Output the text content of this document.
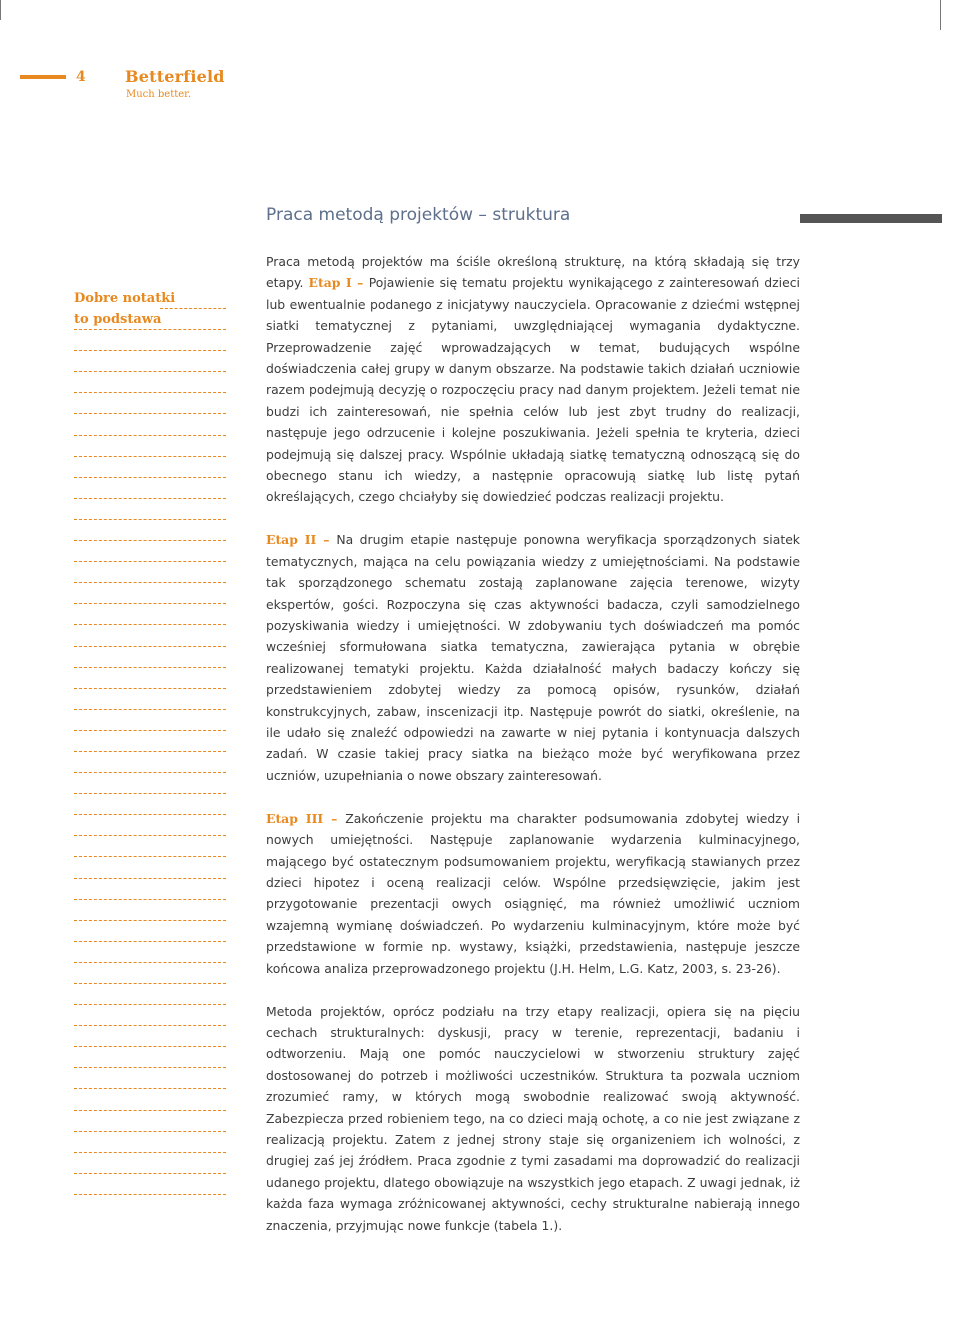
4 Betterfield
Much better.
Praca metodą projektów – struktura
Dobre notatki
to podstawa

Praca metodą projektów ma ściśle określoną strukturę, na którą składają się trzy etapy. Etap I – Pojawienie się tematu projektu wynikającego z zainteresowań dzieci lub ewentualnie podanego z inicjatywy nauczyciela. Opracowanie z dziećmi wstępnej siatki tematycznej z pytaniami, uwzględniającej wymagania dydaktyczne. Przeprowadzenie zajęć wprowadzających w temat, budujących wspólne doświadczenia całej grupy w danym obszarze. Na podstawie takich działań uczniowie razem podejmują decyzję o rozpoczęciu pracy nad danym projektem. Jeżeli temat nie budzi ich zainteresowań, nie spełnia celów lub jest zbyt trudny do realizacji, następuje jego odrzucenie i kolejne poszukiwania. Jeżeli spełnia te kryteria, dzieci podejmują się dalszej pracy. Wspólnie układają siatkę tematyczną odnoszącą się do obecnego stanu ich wiedzy, a następnie opracowują siatkę lub listę pytań określających, czego chciałyby się dowiedzieć podczas realizacji projektu.

Etap II – Na drugim etapie następuje ponowna weryfikacja sporządzonych siatek tematycznych, mająca na celu powiązania wiedzy z umiejętnościami. Na podstawie tak sporządzonego schematu zostają zaplanowane zajęcia terenowe, wizyty ekspertów, gości. Rozpoczyna się czas aktywności badacza, czyli samodzielnego pozyskiwania wiedzy i umiejętności. W zdobywaniu tych doświadczeń ma pomóc wcześniej sformułowana siatka tematyczna, zawierająca pytania w obrębie realizowanej tematyki projektu. Każda działalność małych badaczy kończy się przedstawieniem zdobytej wiedzy za pomocą opisów, rysunków, działań konstrukcyjnych, zabaw, inscenizacji itp. Następuje powrót do siatki, określenie, na ile udało się znaleźć odpowiedzi na zawarte w niej pytania i kontynuacja dalszych zadań. W czasie takiej pracy siatka na bieżąco może być weryfikowana przez uczniów, uzupełniania o nowe obszary zainteresowań.

Etap III – Zakończenie projektu ma charakter podsumowania zdobytej wiedzy i nowych umiejętności. Następuje zaplanowanie wydarzenia kulminacyjnego, mającego być ostatecznym podsumowaniem projektu, weryfikacją stawianych przez dzieci hipotez i oceną realizacji celów. Wspólne przedsięwzięcie, jakim jest przygotowanie prezentacji owych osiągnięć, ma również umożliwić uczniom wzajemną wymianę doświadczeń. Po wydarzeniu kulminacyjnym, które może być przedstawione w formie np. wystawy, książki, przedstawienia, następuje jeszcze końcowa analiza przeprowadzonego projektu (J.H. Helm, L.G. Katz, 2003, s. 23-26).

Metoda projektów, oprócz podziału na trzy etapy realizacji, opiera się na pięciu cechach strukturalnych: dyskusji, pracy w terenie, reprezentacji, badaniu i odtworzeniu. Mają one pomóc nauczycielowi w stworzeniu struktury zajęć dostosowanej do potrzeb i możliwości uczestników. Struktura ta pozwala uczniom zrozumieć ramy, w których mogą swobodnie realizować swoją aktywność. Zabezpiecza przed robieniem tego, na co dzieci mają ochotę, a co nie jest związane z realizacją projektu. Zatem z jednej strony staje się organizeniem ich wolności, z drugiej zaś jej źródłem. Praca zgodnie z tymi zasadami ma doprowadzić do realizacji udanego projektu, dlatego obowiązuje na wszystkich jego etapach. Z uwagi jednak, iż każda faza wymaga zróżnicowanej aktywności, cechy strukturalne nabierają innego znaczenia, przyjmując nowe funkcje (tabela 1.).
